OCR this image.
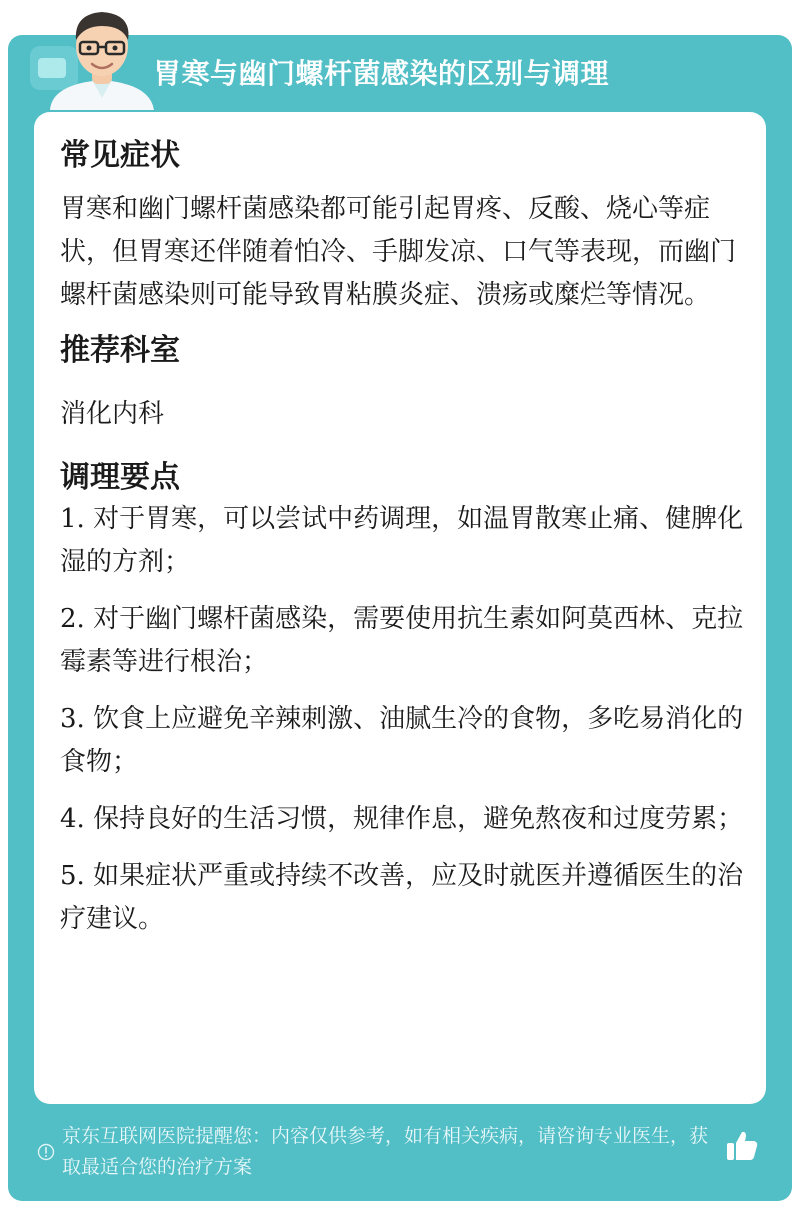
胃寒与幽门螺杆菌感染的区别与调理

常见症状

胃寒和幽门螺杆菌感染都可能引起胃疼、反酸、烧心等症状，但胃寒还伴随着怕冷、手脚发凉、口气等表现，而幽门螺杆菌感染则可能导致胃粘膜炎症、溃疡或糜烂等情况。

推荐科室

消化内科

调理要点

1. 对于胃寒，可以尝试中药调理，如温胃散寒止痛、健脾化湿的方剂；

2. 对于幽门螺杆菌感染，需要使用抗生素如阿莫西林、克拉霉素等进行根治；

3. 饮食上应避免辛辣刺激、油腻生冷的食物，多吃易消化的食物；

4. 保持良好的生活习惯，规律作息，避免熬夜和过度劳累；

5. 如果症状严重或持续不改善，应及时就医并遵循医生的治疗建议。

京东互联网医院提醒您：内容仅供参考，如有相关疾病，请咨询专业医生，获取最适合您的治疗方案
